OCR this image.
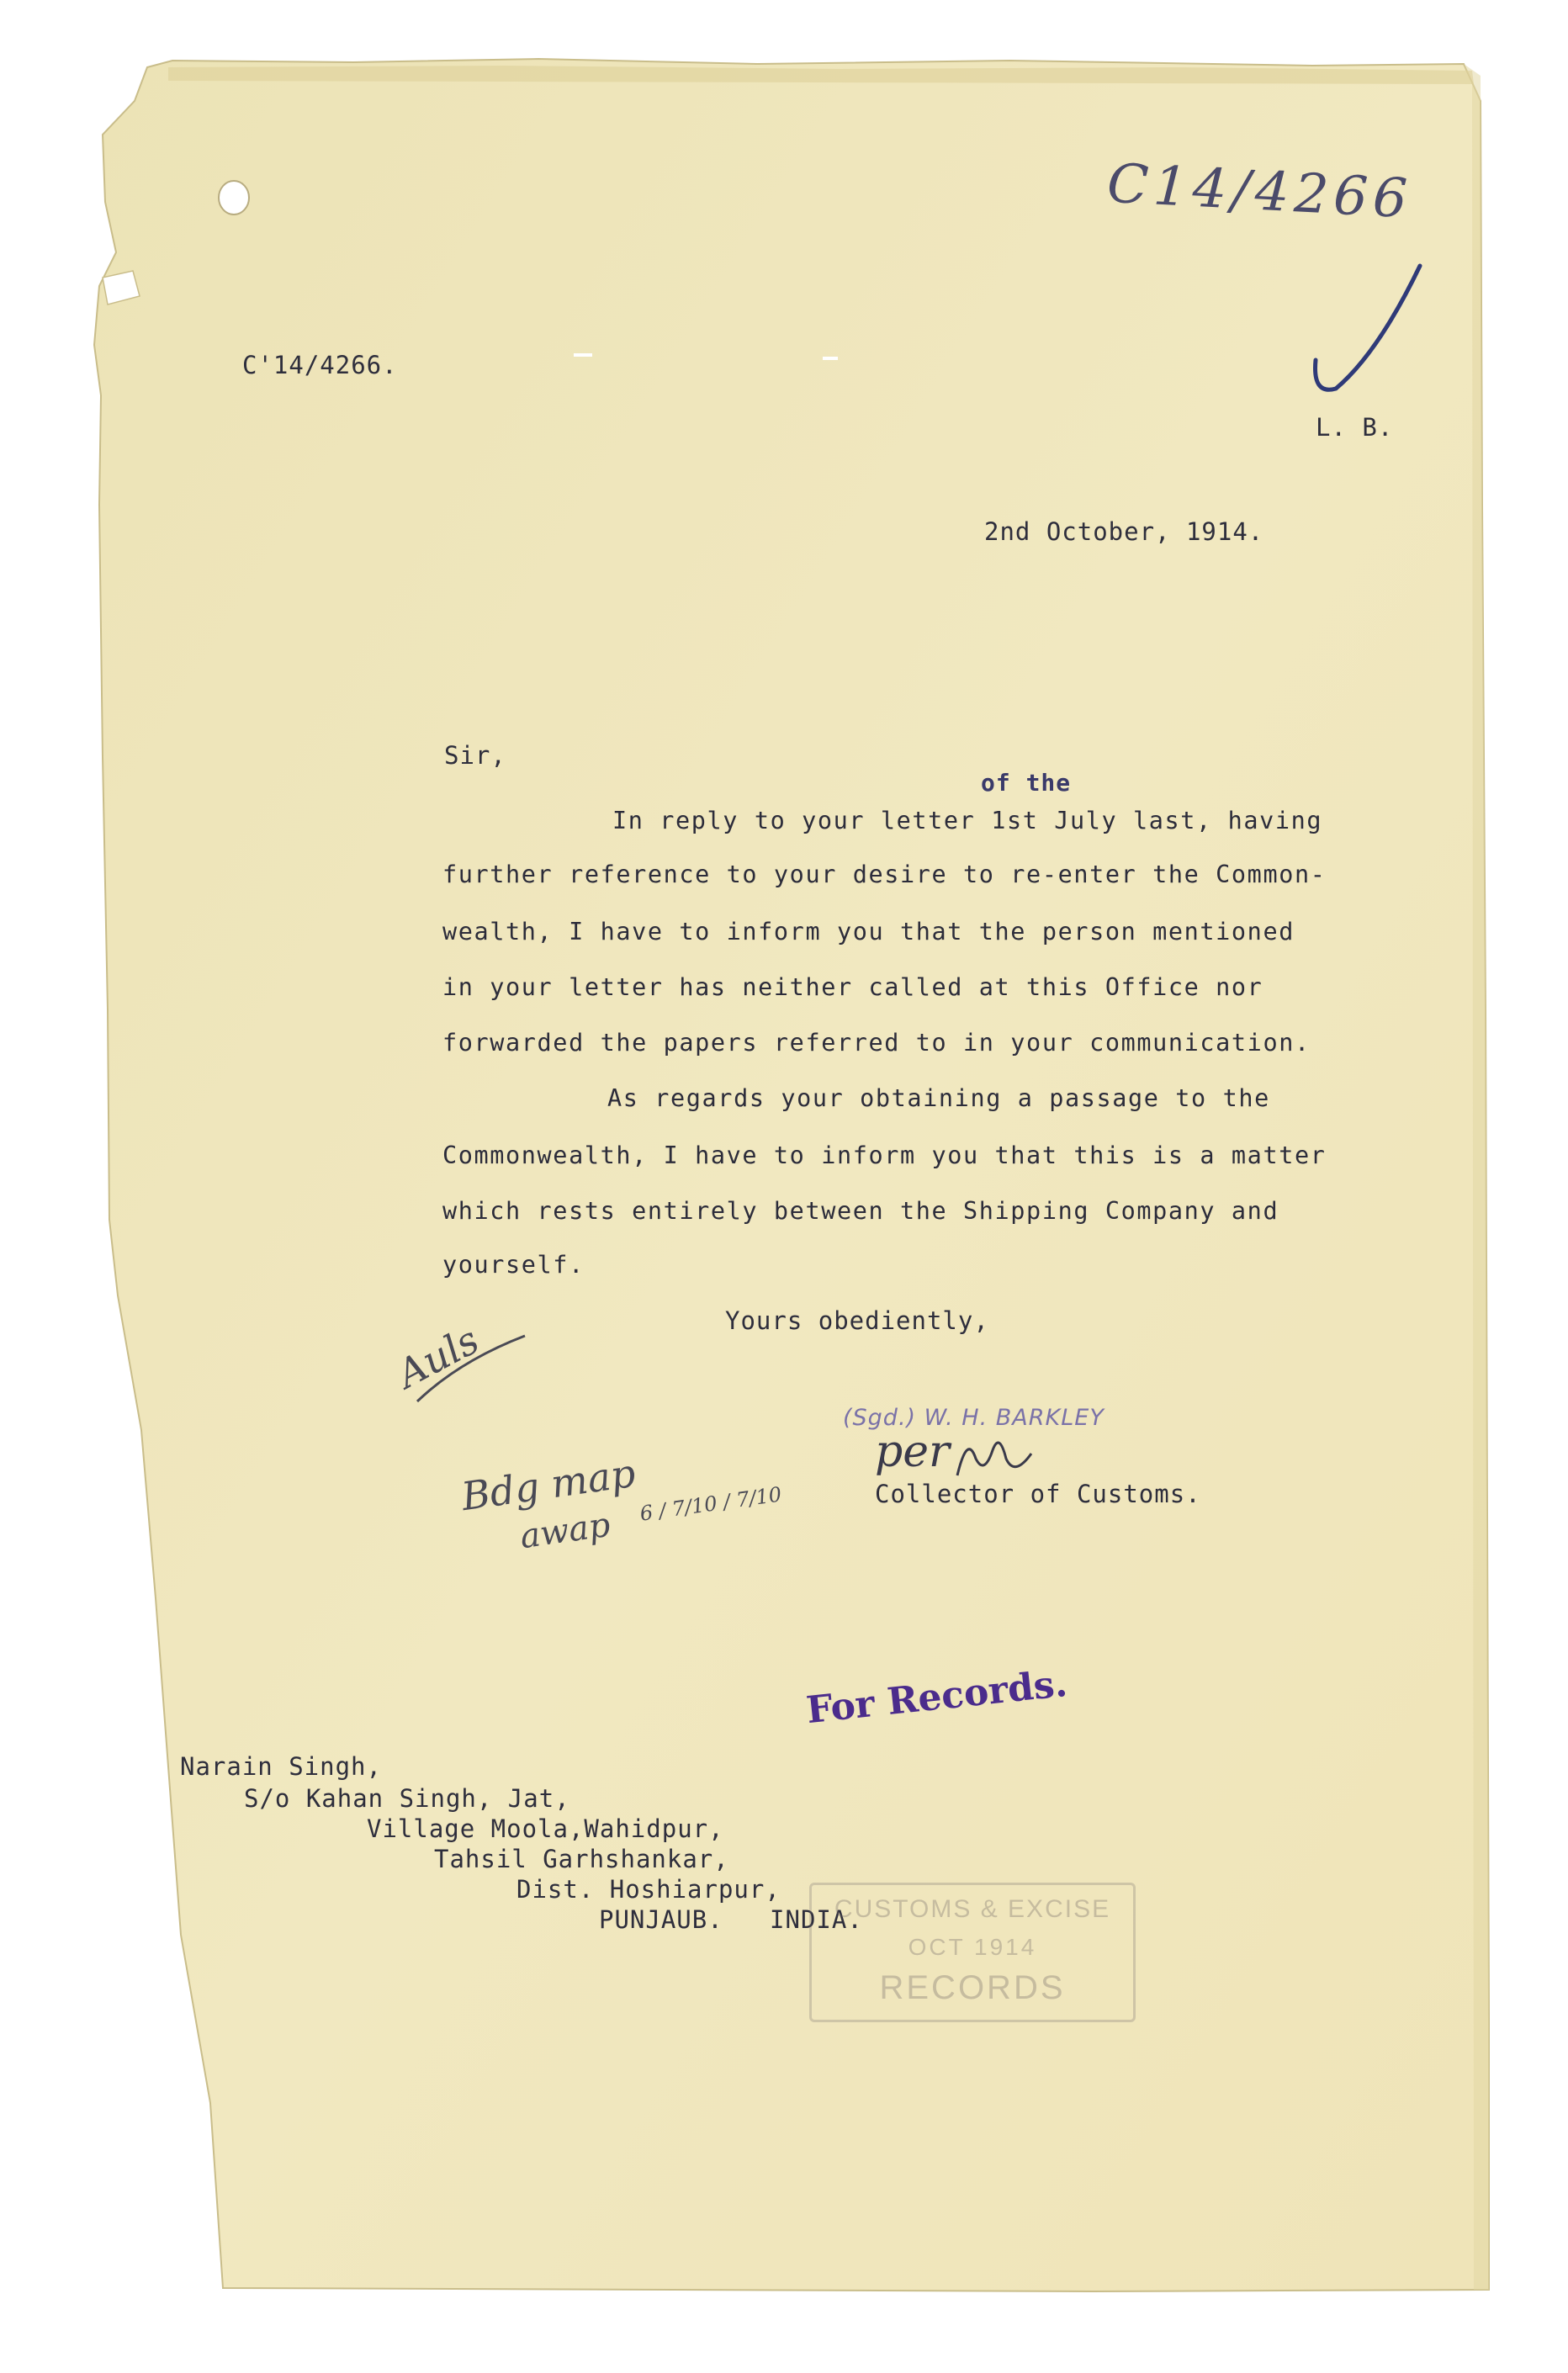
C14/4266
C'14/4266.
L. B.
2nd October, 1914.
Sir,
of the
In reply to your letter 1st July last, having
further reference to your desire to re-enter the Common-
wealth, I have to inform you that the person mentioned
in your letter has neither called at this Office nor
forwarded the papers referred to in your communication.
As regards your obtaining a passage to the
Commonwealth, I have to inform you that this is a matter
which rests entirely between the Shipping Company and
yourself.
Yours obediently,
Auls
(Sgd.) W. H. BARKLEY
per
Collector of Customs.
Bdg map
awap
6 / 7/10 / 7/10
For Records.
Narain Singh,
S/o Kahan Singh, Jat,
Village Moola,Wahidpur,
Tahsil Garhshankar,
Dist. Hoshiarpur,
PUNJAUB.   INDIA.
CUSTOMS & EXCISE
OCT 1914
RECORDS
